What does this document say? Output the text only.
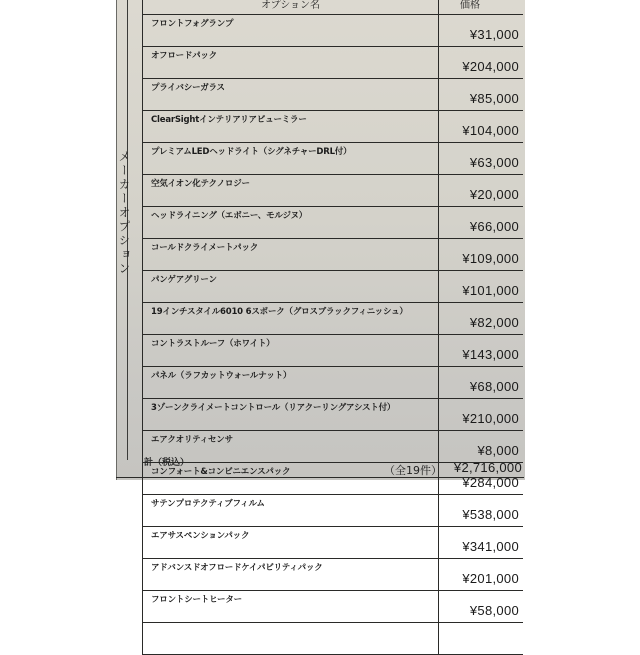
メーカーオプション
オプション名	価格
フロントフォグランプ
¥31,000
オフロードパック
¥204,000
プライバシーガラス
¥85,000
ClearSightインテリアリアビューミラー
¥104,000
プレミアムLEDヘッドライト（シグネチャーDRL付）
¥63,000
空気イオン化テクノロジー
¥20,000
ヘッドライニング（エボニー、モルジヌ）
¥66,000
コールドクライメートパック
¥109,000
パンゲアグリーン
¥101,000
19インチスタイル6010 6スポーク（グロスブラックフィニッシュ）
¥82,000
コントラストルーフ（ホワイト）
¥143,000
パネル（ラフカットウォールナット）
¥68,000
3ゾーンクライメートコントロール（リアクーリングアシスト付）
¥210,000
エアクオリティセンサ
¥8,000
コンフォート&コンビニエンスパック
¥284,000
サテンプロテクティブフィルム
¥538,000
エアサスペンションパック
¥341,000
アドバンスドオフロードケイパビリティパック
¥201,000
フロントシートヒーター
¥58,000
計（税込）
（全19件） ¥2,716,000
